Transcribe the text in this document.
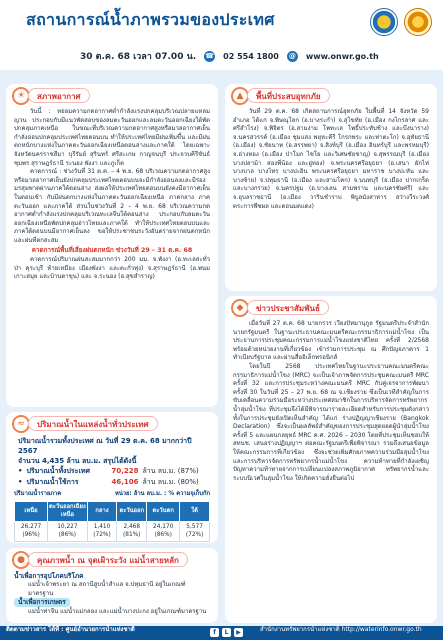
สถานการณ์น้ำภาพรวมของประเทศ
30 ต.ค. 68 เวลา 07.00 น. ☎ 02 554 1800 @ www.onwr.go.th
☀	สภาพอากาศ

วันนี้ : หย่อมความกดอากาศต่ำกำลังแรงปกคลุมบริเวณปลายแหลมญวน ประกอบกับมีแนวพัดสอบของลมตะวันออกและลมตะวันออกเฉียงใต้พัดปกคลุมภาคเหนือ ในขณะที่บริเวณความกดอากาศสูงหรือมวลอากาศเย็นกำลังอ่อนปกคลุมประเทศไทยตอนบน ทำให้ประเทศไทยมีฝนเพิ่มขึ้น และมีฝนตกหนักบางแห่งในภาคตะวันออกเฉียงเหนือตอนล่างและภาคใต้ โดยเฉพาะจังหวัดนครราชสีมา บุรีรัมย์ สุรินทร์ ศรีสะเกษ กาญจนบุรี ประจวบคีรีขันธ์ ชุมพร สุราษฎร์ธานี ระนอง พังงา และภูเก็ต

คาดการณ์ : ช่วงวันที่ 31 ต.ค. – 4 พ.ย. 68 บริเวณความกดอากาศสูงหรือมวลอากาศเย็นยังปกคลุมประเทศไทยตอนบนจะมีกำลังอ่อนลงและมีร่องมรสุมพาดผ่านภาคใต้ตอนล่าง ส่งผลให้ประเทศไทยตอนบนยังคงมีอากาศเย็นในตอนเช้า กับมีฝนตกบางแห่งในภาคตะวันออกเฉียงเหนือ ภาคกลาง ภาคตะวันออก และภาคใต้ ส่วนในช่วงวันที่ 2 – 4 พ.ย. 68 บริเวณความกดอากาศต่ำกำลังแรงปกคลุมบริเวณทะเลจีนใต้ตอนล่าง ประกอบกับลมตะวันออกเฉียงเหนือพัดปกคลุมอ่าวไทยและภาคใต้ ทำให้ประเทศไทยตอนบนและภาคใต้ตอนบนมีอากาศเย็นลง ขอให้ประชาชนระวังอันตรายจากฝนตกหนักและฝนที่ตกสะสม

คาดการณ์พื้นที่เสี่ยงฝนตกหนัก ช่วงวันที่ 29 – 31 ต.ค. 68

คาดการณ์ปริมาณฝนสะสมมากกว่า 200 มม. จ.พังงา (อ.ทะเลสะทั่วป่า คุระบุรี ท้ายเหมือง เมืองพังงา และตะกั่วทุ่ง) จ.สุราษฎร์ธานี (อ.พนม เกาะสมุย และบ้านตาขุน) และ จ.ระนอง (อ.สุขสำราญ)

≈	ปริมาณน้ำในแหล่งน้ำทั่วประเทศ
ปริมาณน้ำรวมทั้งประเทศ ณ วันที่ 29 ต.ค. 68 มากกว่าปี 2567
จำนวน 4,435 ล้าน ลบ.ม. สรุปได้ดังนี้
• ปริมาณน้ำทั้งประเทศ	70,228 ล้าน ลบ.ม. (87%)
• ปริมาณน้ำใช้การ	46,106 ล้าน ลบ.ม. (80%)
ปริมาณน้ำรายภาค	หน่วย: ล้าน ลบ.ม. : % ความจุเก็บกัก
เหนือ	ตะวันออกเฉียงเหนือ	กลาง	ตะวันออก	ตะวันตก	ใต้
26,277 (96%)	10,227 (86%)	1,410 (72%)	2,468 (81%)	24,170 (86%)	5,577 (72%)
●	คุณภาพน้ำ ณ จุดเฝ้าระวัง แม่น้ำสายหลัก
น้ำเพื่อการอุปโภคบริโภค
แม่น้ำเจ้าพระยา ณ สถานีสูบน้ำสำแล จ.ปทุมธานี อยู่ในเกณฑ์มาตรฐาน
น้ำเพื่อการเกษตร
แม่น้ำท่าจีน แม่น้ำแม่กลอง และแม่น้ำบางปะกง อยู่ในเกณฑ์มาตรฐาน
▲	พื้นที่ประสบอุทกภัย

วันที่ 29 ต.ค. 68 เกิดสถานการณ์อุทกภัย ในพื้นที่ 14 จังหวัด 59 อำเภอ ได้แก่ จ.พิษณุโลก (อ.บางระกำ) จ.สุโขทัย (อ.เมือง กงไกรลาศ และศรีสำโรง) จ.พิจิตร (อ.สามง่าม โพทะเล โพธิ์ประทับช้าง และบึงนาราง) จ.นครสวรรค์ (อ.เมือง ชุมแสง พยุหะคีรี โกรกพระ และท่าตะโก) จ.อุทัยธานี (อ.เมือง) จ.ชัยนาท (อ.สรรพยา) จ.สิงห์บุรี (อ.เมือง อินทร์บุรี และพรหมบุรี) จ.อ่างทอง (อ.เมือง ป่าโมก ไชโย และวิเศษชัยชาญ) จ.สุพรรณบุรี (อ.เมือง บางปลาม้า สองพี่น้อง และอู่ทอง) จ.พระนครศรีอยุธยา (อ.เสนา ผักไห่ บางบาล บางไทร บางปะอิน พระนครศรีอยุธยา มหาราช บางปะหัน และบางซ้าย) จ.ปทุมธานี (อ.เมือง และสามโคก) จ.นนทบุรี (อ.เมือง ปากเกร็ด และบางกรวย) จ.นครปฐม (อ.บางเลน สามพราน และนครชัยศรี) และ จ.อุบลราชธานี (อ.เมือง วารินชำราบ พิบูลมังสาหาร สว่างวีระวงศ์ ตระการพืชผล และดอนมดแดง)

◆	ข่าวประชาสัมพันธ์

เมื่อวันที่ 27 ต.ค. 68 นายกรวร เวียงปัทมานุกูล รัฐมนตรีประจำสำนักนายกรัฐมนตรี ในฐานะประธานคณะมนตรีคณะกรรมาธิการแม่น้ำโขง เป็นประธานการประชุมคณะกรรมการแม่น้ำโขงแห่งชาติไทย ครั้งที่ 2/2568 พร้อมด้วยหน่วยงานที่เกี่ยวข้อง เข้าร่วมการประชุม ณ ศึกปัญจภาคาร 1 ทำเนียบรัฐบาล และผ่านสื่ออิเล็กทรอนิกส์

โดยในปี 2568 ประเทศไทยในฐานะประธานคณะมนตรีคณะกรรมาธิการแม่น้ำโขง (MRC) จะเป็นเจ้าภาพจัดการประชุมคณะมนตรี MRC ครั้งที่ 32 และการประชุมระหว่างคณะมนตรี MRC กับคู่เจรจาการพัฒนา ครั้งที่ 30 ในวันที่ 25 – 27 พ.ย. 68 ณ จ.เชียงราย ซึ่งเป็นเวทีสำคัญในการขับเคลื่อนความร่วมมือระหว่างประเทศสมาชิกในการบริหารจัดการทรัพยากรน้ำลุ่มน้ำโขง ที่ประชุมจึงได้มีพิจารณารายละเอียดสำหรับการประชุมดังกล่าว ทั้งในการประชุมยังเปิดเห็นสำคัญ ได้แก่ ร่างปฏิญญาเชียงราย (Bangkok Declaration) ซึ่งจะเป็นผลลัพธ์สำคัญของการประชุมสุดยอดผู้นำลุ่มน้ำโขง ครั้งที่ 5 และแผนกลยุทธ์ MRC ค.ศ. 2026 – 2030 โดยที่ประชุมเห็นชอบให้ สทนช. เสนอร่างปฏิญญาฯ ต่อคณะรัฐมนตรีเพื่อพิจารณา รวมถึงเสนอข้อมูลให้คณะกรรมการที่เกี่ยวข้อง ซึ่งจะช่วยเพิ่มศักยภาพความร่วมมือลุ่มน้ำโขงและการบริหารจัดการทรัพยากรน้ำแม่น้ำโขง ความท้าทายที่กำลังเผชิญปัญหาความท้าทายจากการเปลี่ยนแปลงสภาพภูมิอากาศ ทรัพยากรน้ำและระบบนิเวศในลุ่มน้ำโขง ให้เกิดความยั่งยืนต่อไป

ติดตามข่าวสาร ได้ที่ : ศูนย์อำนวยการน้ำแห่งชาติ	f	L	▶	สำนักงานทรัพยากรน้ำแห่งชาติ http://waterinfo.onwr.go.th
